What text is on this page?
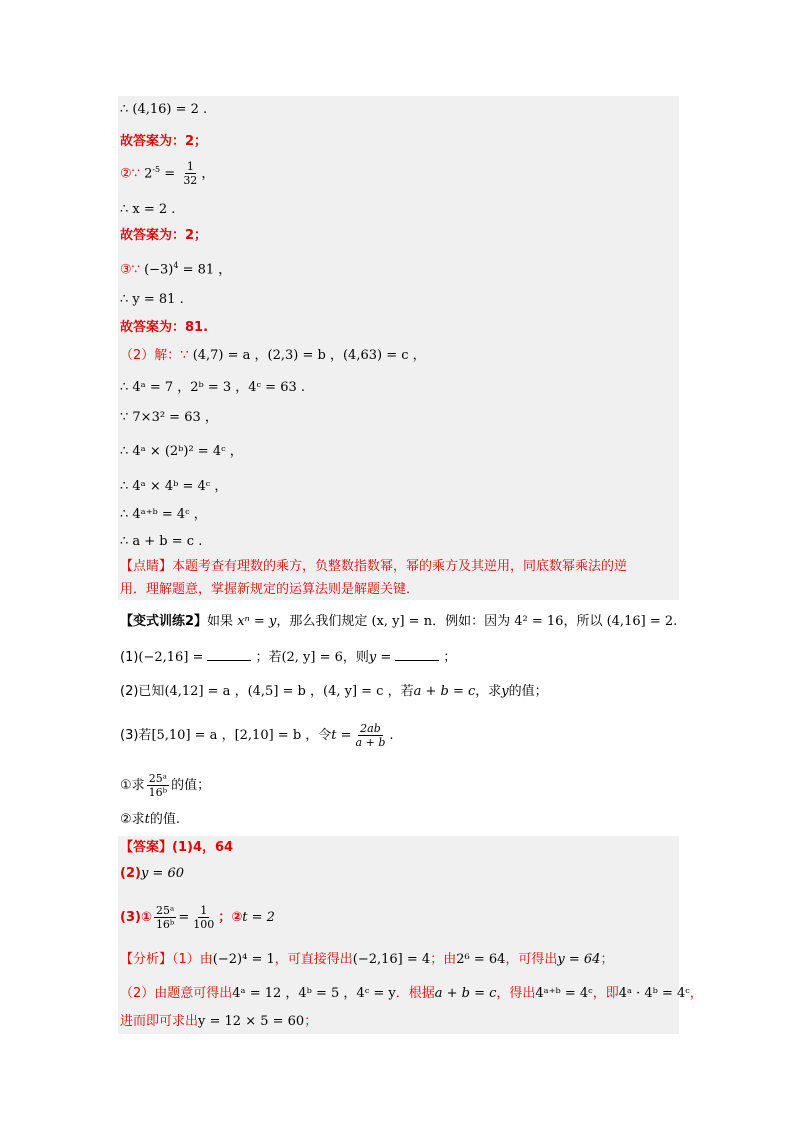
∴ (4,16) = 2 .
故答案为：2；
②∵ $2^{-5} = \frac{1}{32}$ ，
∴ x = 2 .
故答案为：2；
③∵ $(-3)^4 = 81$ ，
∴ y = 81 .
故答案为：81.
（2）解：∵ (4,7) = a ，(2,3) = b ，(4,63) = c ，
∴ 4ᵃ = 7 ，2ᵇ = 3 ，4ᶜ = 63 .
∵ 7×3² = 63 ，
∴ 4ᵃ × (2ᵇ)² = 4ᶜ ，
∴ 4ᵃ × 4ᵇ = 4ᶜ ，
∴ 4ᵃ⁺ᵇ = 4ᶜ ，
∴ a + b = c .
【点睛】本题考查有理数的乘方，负整数指数幂，幂的乘方及其逆用，同底数幂乘法的逆
用．理解题意，掌握新规定的运算法则是解题关键．
【变式训练2】如果 xⁿ = y，那么我们规定 (x, y] = n．例如：因为 4² = 16，所以 (4,16] = 2.
(1)(−2,16] =	；若(2, y] = 6，则y =	；
(2)已知(4,12] = a ，(4,5] = b ，(4, y] = c ，若a + b = c，求y的值；
(3)若[5,10] = a ，[2,10] = b ，令$t = \frac{2ab}{a + b}$ .
①求 $\frac{\text{25ᵃ}}{\text{16ᵇ}}$ 的值；
②求t的值.
【答案】(1)4，64
(2)y = 60
(3)① $\frac{\text{25ᵃ}}{\text{16ᵇ}} = \frac{1}{100}$ ；②t = 2
【分析】（1）由(−2)⁴ = 1，可直接得出(−2,16] = 4；由2⁶ = 64，可得出y = 64；
（2）由题意可得出4ᵃ = 12 ，4ᵇ = 5 ，4ᶜ = y．根据a + b = c，得出4ᵃ⁺ᵇ = 4ᶜ，即4ᵃ · 4ᵇ = 4ᶜ，
进而即可求出y = 12 × 5 = 60；
